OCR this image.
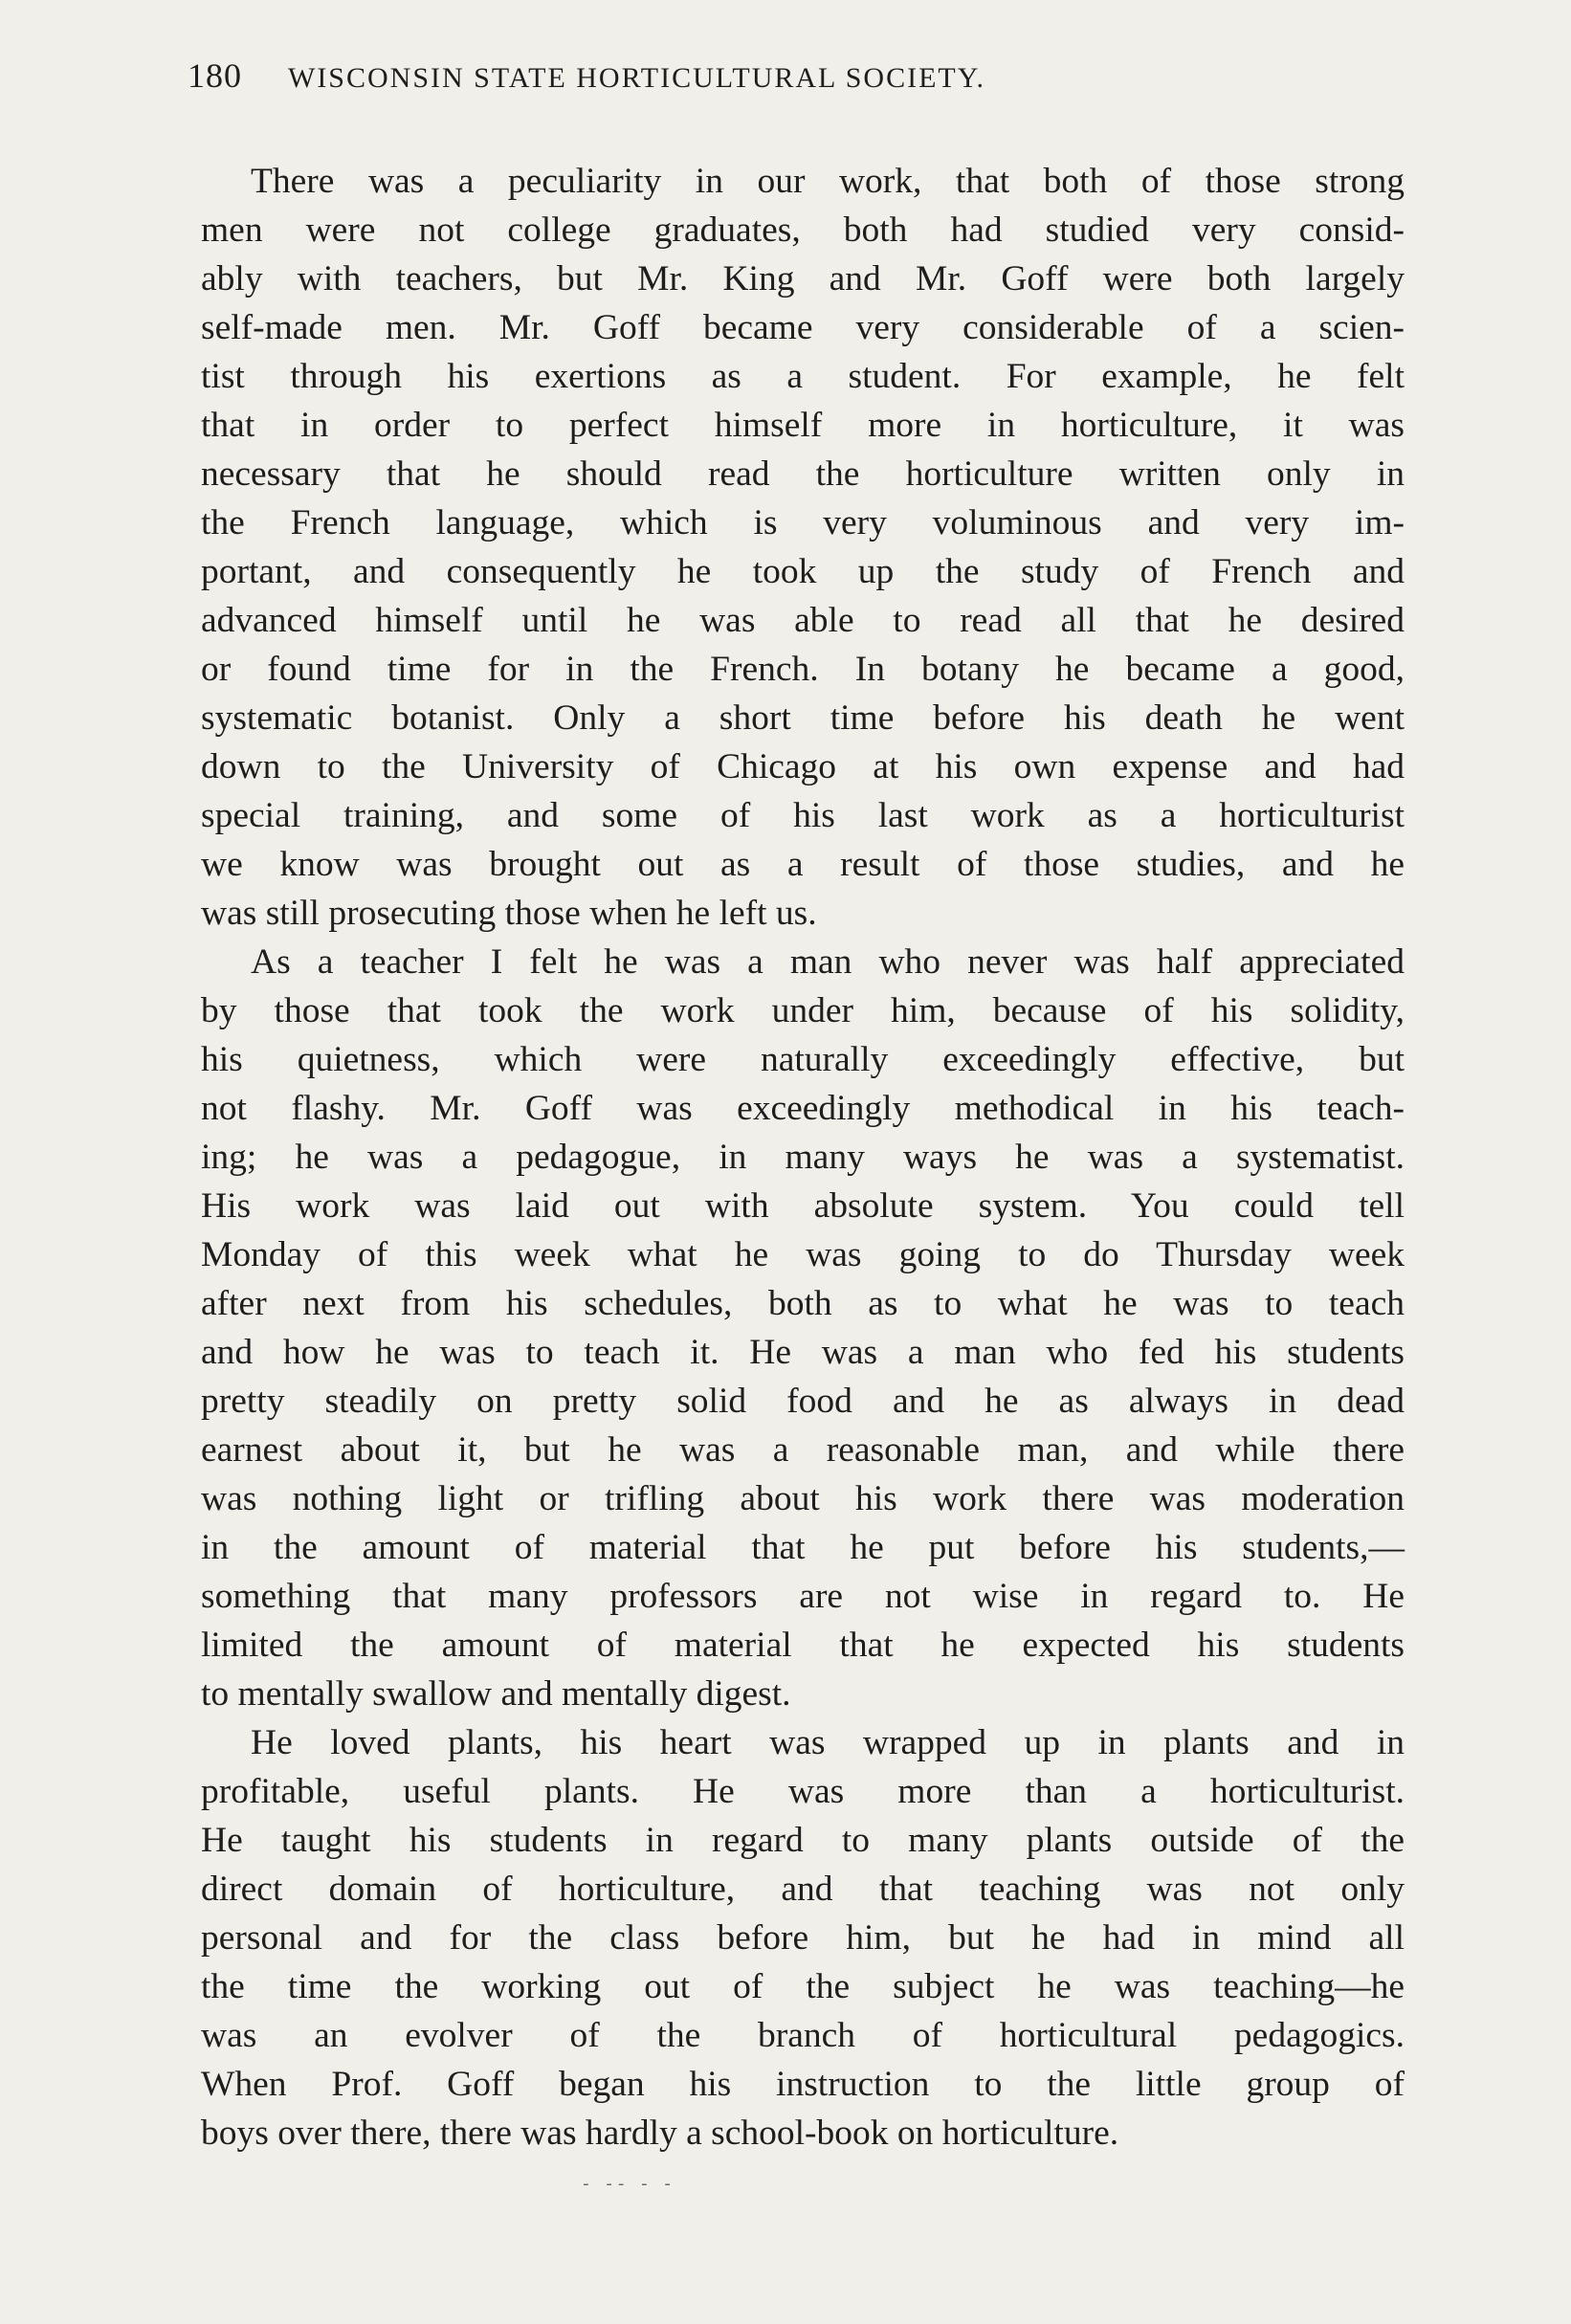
180 WISCONSIN STATE HORTICULTURAL SOCIETY.
There was a peculiarity in our work, that both of those strong
men were not college graduates, both had studied very consid-
ably with teachers, but Mr. King and Mr. Goff were both largely
self-made men. Mr. Goff became very considerable of a scien-
tist through his exertions as a student. For example, he felt
that in order to perfect himself more in horticulture, it was
necessary that he should read the horticulture written only in
the French language, which is very voluminous and very im-
portant, and consequently he took up the study of French and
advanced himself until he was able to read all that he desired
or found time for in the French. In botany he became a good,
systematic botanist. Only a short time before his death he went
down to the University of Chicago at his own expense and had
special training, and some of his last work as a horticulturist
we know was brought out as a result of those studies, and he
was still prosecuting those when he left us.
As a teacher I felt he was a man who never was half appreciated
by those that took the work under him, because of his solidity,
his quietness, which were naturally exceedingly effective, but
not flashy. Mr. Goff was exceedingly methodical in his teach-
ing; he was a pedagogue, in many ways he was a systematist.
His work was laid out with absolute system. You could tell
Monday of this week what he was going to do Thursday week
after next from his schedules, both as to what he was to teach
and how he was to teach it. He was a man who fed his students
pretty steadily on pretty solid food and he as always in dead
earnest about it, but he was a reasonable man, and while there
was nothing light or trifling about his work there was moderation
in the amount of material that he put before his students,—
something that many professors are not wise in regard to. He
limited the amount of material that he expected his students
to mentally swallow and mentally digest.
He loved plants, his heart was wrapped up in plants and in
profitable, useful plants. He was more than a horticulturist.
He taught his students in regard to many plants outside of the
direct domain of horticulture, and that teaching was not only
personal and for the class before him, but he had in mind all
the time the working out of the subject he was teaching—he
was an evolver of the branch of horticultural pedagogics.
When Prof. Goff began his instruction to the little group of
boys over there, there was hardly a school-book on horticulture.
- -- - -
